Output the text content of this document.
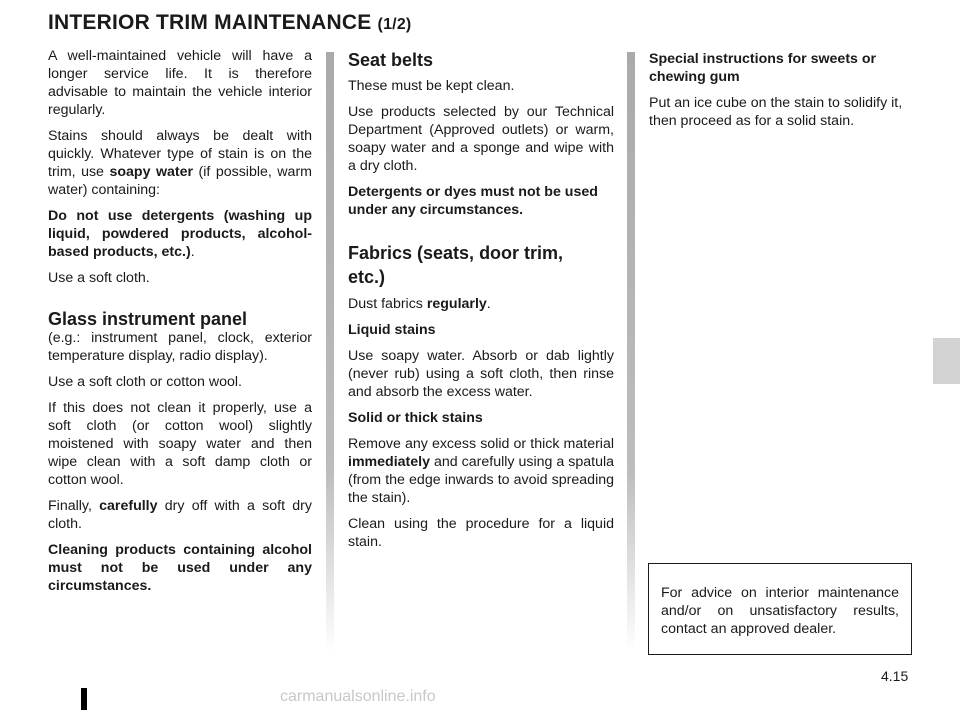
INTERIOR TRIM MAINTENANCE (1/2)

A well-maintained vehicle will have a longer service life. It is therefore advisable to maintain the vehicle interior regularly.

Stains should always be dealt with quickly. Whatever type of stain is on the trim, use soapy water (if possible, warm water) containing:

Do not use detergents (washing up liquid, powdered products, alcohol-based products, etc.).

Use a soft cloth.

Glass instrument panel

(e.g.: instrument panel, clock, exterior temperature display, radio display).

Use a soft cloth or cotton wool.

If this does not clean it properly, use a soft cloth (or cotton wool) slightly moistened with soapy water and then wipe clean with a soft damp cloth or cotton wool.

Finally, carefully dry off with a soft dry cloth.

Cleaning products containing alcohol must not be used under any circumstances.

Seat belts

These must be kept clean.

Use products selected by our Technical Department (Approved outlets) or warm, soapy water and a sponge and wipe with a dry cloth.

Detergents or dyes must not be used under any circumstances.

Fabrics (seats, door trim, etc.)

Dust fabrics regularly.

Liquid stains

Use soapy water. Absorb or dab lightly (never rub) using a soft cloth, then rinse and absorb the excess water.

Solid or thick stains

Remove any excess solid or thick material immediately and carefully using a spatula (from the edge inwards to avoid spreading the stain).

Clean using the procedure for a liquid stain.

Special instructions for sweets or chewing gum

Put an ice cube on the stain to solidify it, then proceed as for a solid stain.

For advice on interior maintenance and/or on unsatisfactory results, contact an approved dealer.
4.15
carmanualsonline.info
